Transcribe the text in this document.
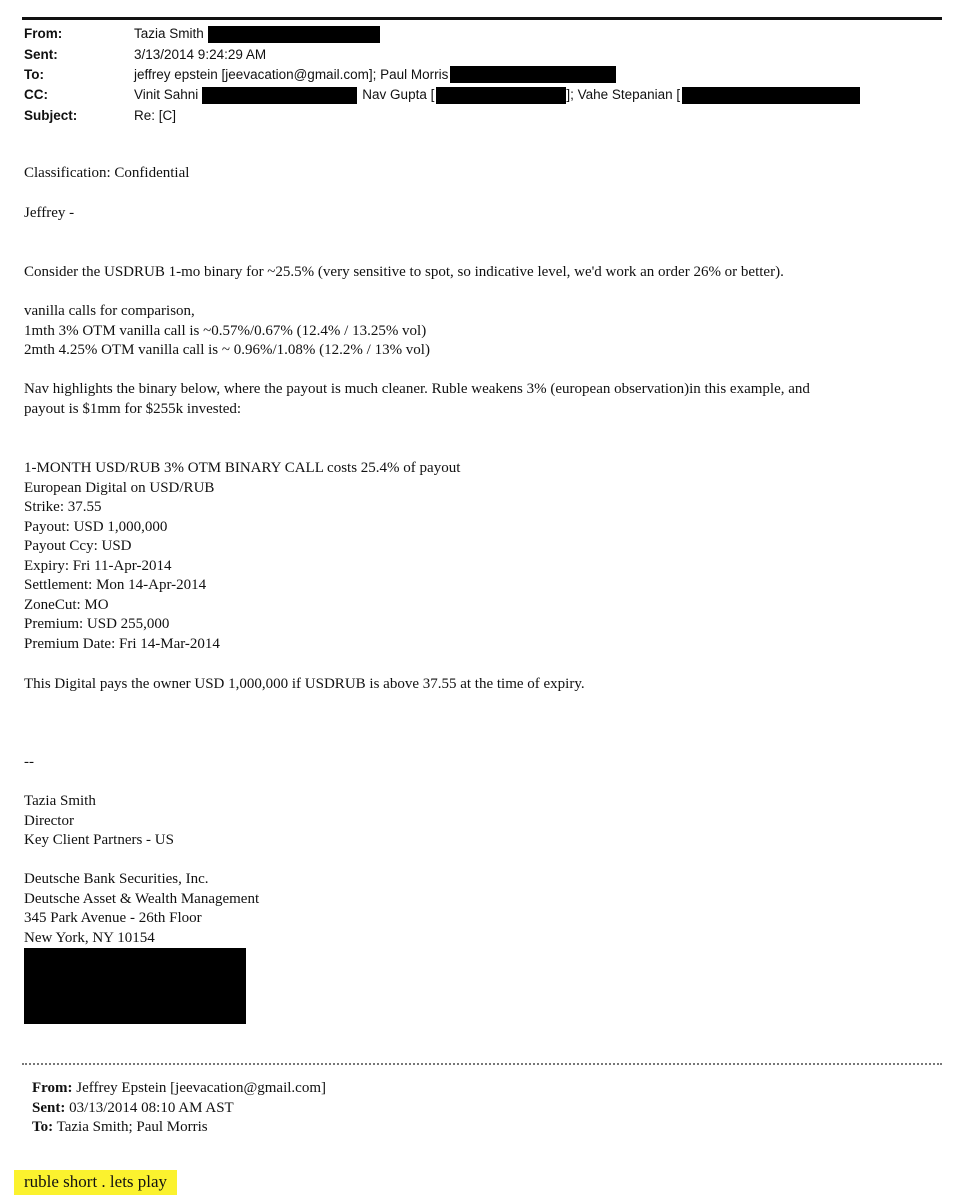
From:	Tazia Smith
Sent:	3/13/2014 9:24:29 AM
To:	jeffrey epstein [jeevacation@gmail.com]; Paul Morris
CC:	Vinit Sahni	Nav Gupta [	]; Vahe Stepanian [
Subject:	Re: [C]
Classification: Confidential
Jeffrey -
Consider the USDRUB 1-mo binary for ~25.5% (very sensitive to spot, so indicative level, we'd work an order 26% or better).
vanilla calls for comparison,
1mth 3% OTM vanilla call is ~0.57%/0.67% (12.4% / 13.25% vol)
2mth 4.25% OTM vanilla call is ~ 0.96%/1.08% (12.2% / 13% vol)
Nav highlights the binary below, where the payout is much cleaner. Ruble weakens 3% (european observation)in this example, and
payout is $1mm for $255k invested:
1-MONTH USD/RUB 3% OTM BINARY CALL costs 25.4% of payout
European Digital on USD/RUB
Strike: 37.55
Payout: USD 1,000,000
Payout Ccy: USD
Expiry: Fri 11-Apr-2014
Settlement: Mon 14-Apr-2014
ZoneCut: MO
Premium: USD 255,000
Premium Date: Fri 14-Mar-2014
This Digital pays the owner USD 1,000,000 if USDRUB is above 37.55 at the time of expiry.
--
Tazia Smith
Director
Key Client Partners - US
Deutsche Bank Securities, Inc.
Deutsche Asset & Wealth Management
345 Park Avenue - 26th Floor
New York, NY 10154
From: Jeffrey Epstein [jeevacation@gmail.com]
Sent: 03/13/2014 08:10 AM AST
To: Tazia Smith; Paul Morris
ruble short . lets play
